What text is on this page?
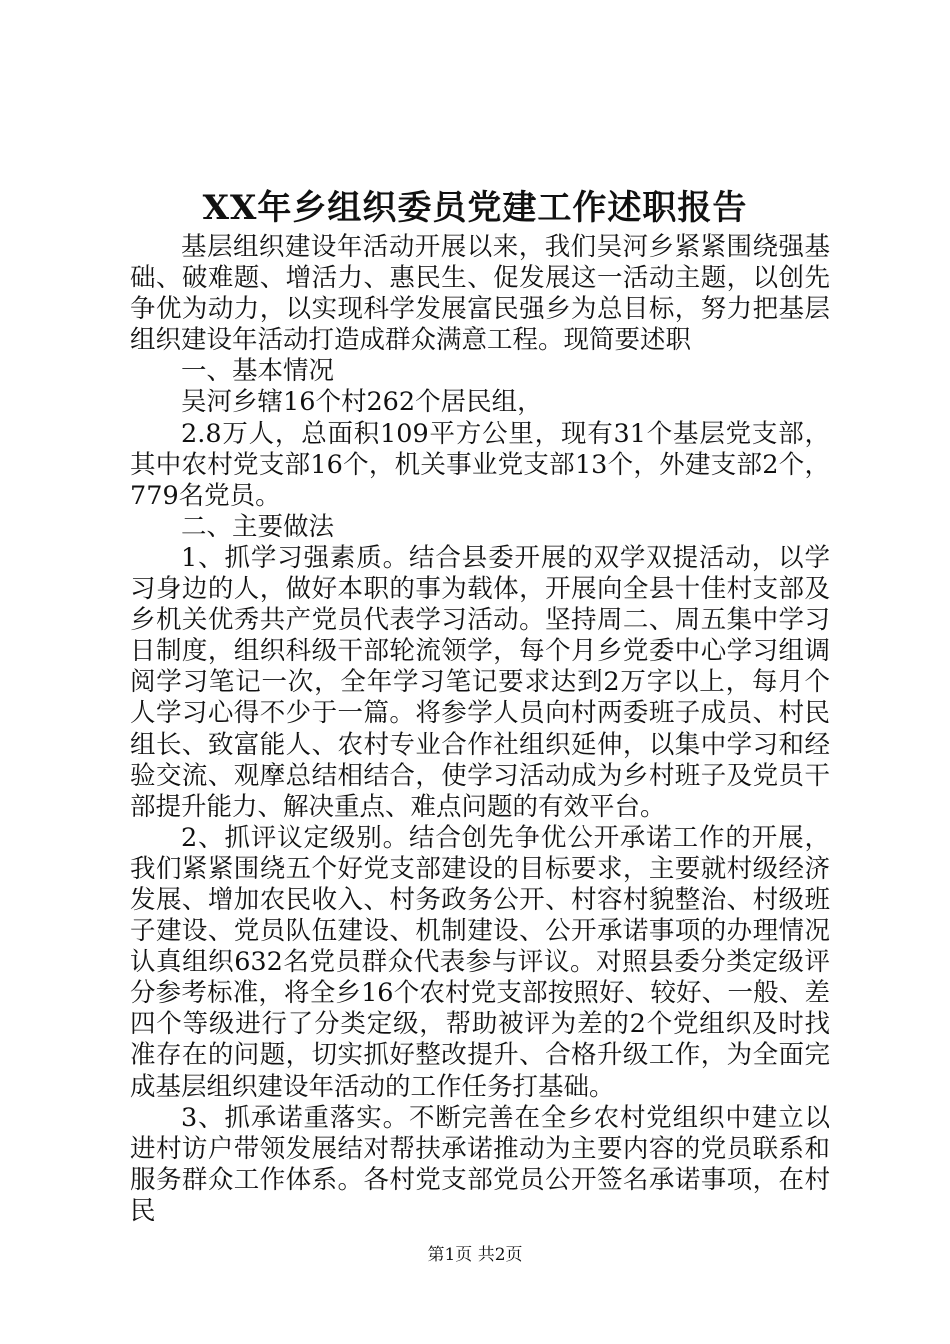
XX年乡组织委员党建工作述职报告

基层组织建设年活动开展以来，我们吴河乡紧紧围绕强基础、破难题、增活力、惠民生、促发展这一活动主题，以创先争优为动力，以实现科学发展富民强乡为总目标，努力把基层组织建设年活动打造成群众满意工程。现简要述职

一、基本情况

吴河乡辖16个村262个居民组，

2.8万人，总面积109平方公里，现有31个基层党支部，其中农村党支部16个，机关事业党支部13个，外建支部2个，779名党员。

二、主要做法

1、抓学习强素质。结合县委开展的双学双提活动，以学习身边的人，做好本职的事为载体，开展向全县十佳村支部及乡机关优秀共产党员代表学习活动。坚持周二、周五集中学习日制度，组织科级干部轮流领学，每个月乡党委中心学习组调阅学习笔记一次，全年学习笔记要求达到2万字以上，每月个人学习心得不少于一篇。将参学人员向村两委班子成员、村民组长、致富能人、农村专业合作社组织延伸，以集中学习和经验交流、观摩总结相结合，使学习活动成为乡村班子及党员干部提升能力、解决重点、难点问题的有效平台。

2、抓评议定级别。结合创先争优公开承诺工作的开展，我们紧紧围绕五个好党支部建设的目标要求，主要就村级经济发展、增加农民收入、村务政务公开、村容村貌整治、村级班子建设、党员队伍建设、机制建设、公开承诺事项的办理情况认真组织632名党员群众代表参与评议。对照县委分类定级评分参考标准，将全乡16个农村党支部按照好、较好、一般、差四个等级进行了分类定级，帮助被评为差的2个党组织及时找准存在的问题，切实抓好整改提升、合格升级工作，为全面完成基层组织建设年活动的工作任务打基础。

3、抓承诺重落实。不断完善在全乡农村党组织中建立以进村访户带领发展结对帮扶承诺推动为主要内容的党员联系和服务群众工作体系。各村党支部党员公开签名承诺事项，在村民

第1页 共2页
